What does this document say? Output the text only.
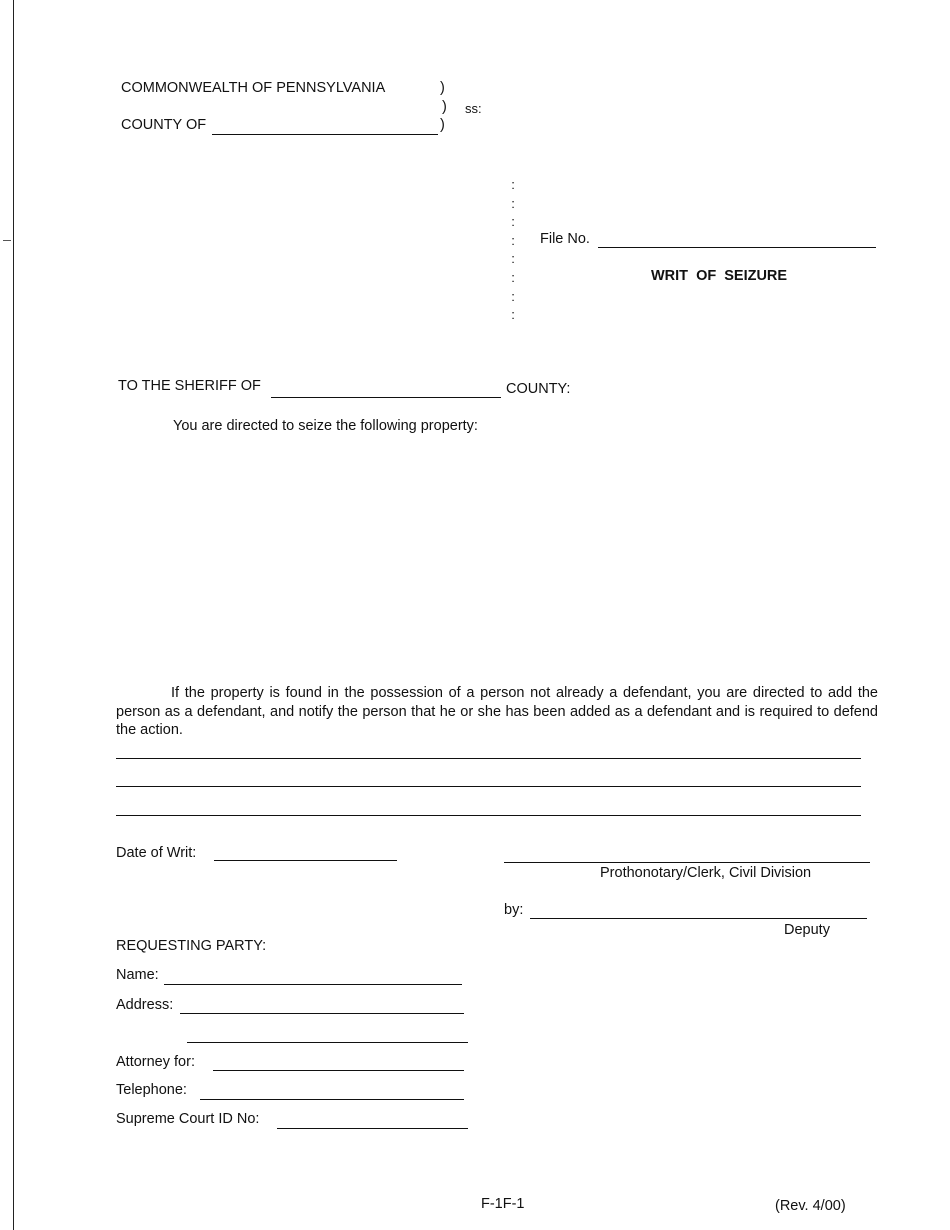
COMMONWEALTH OF PENNSYLVANIA	)
) ss:
COUNTY OF	)
:
:
:
:
:
:
:
:
File No.
WRIT OF SEIZURE
TO THE SHERIFF OF	COUNTY:
You are directed to seize the following property:
If the property is found in the possession of a person not already a defendant, you are directed to add the person as a defendant, and notify the person that he or she has been added as a defendant and is required to defend the action.
Date of Writ:
Prothonotary/Clerk, Civil Division
by:
Deputy
REQUESTING PARTY:
Name:
Address:
Attorney for:
Telephone:
Supreme Court ID No:
F-1F-1	(Rev. 4/00)
